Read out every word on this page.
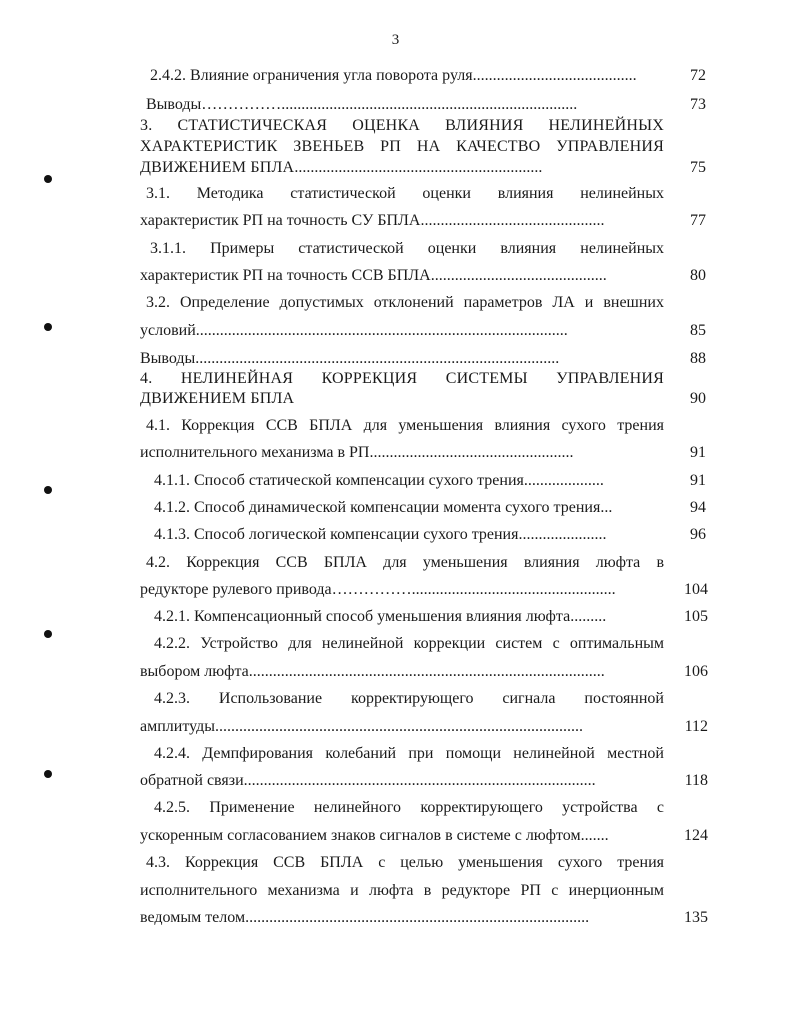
3
2.4.2. Влияние ограничения угла поворота руля.........................................	72
Выводы……………..........................................................................	73
3. СТАТИСТИЧЕСКАЯ ОЦЕНКА ВЛИЯНИЯ НЕЛИНЕЙНЫХ
ХАРАКТЕРИСТИК ЗВЕНЬЕВ РП НА КАЧЕСТВО УПРАВЛЕНИЯ
ДВИЖЕНИЕМ БПЛА..............................................................	75
3.1. Методика статистической оценки влияния нелинейных
характеристик РП на точность СУ БПЛА..............................................	77
3.1.1. Примеры статистической оценки влияния нелинейных
характеристик РП на точность ССВ БПЛА............................................	80
3.2. Определение допустимых отклонений параметров ЛА и внешних
условий.............................................................................................	85
Выводы...........................................................................................	88
4. НЕЛИНЕЙНАЯ КОРРЕКЦИЯ СИСТЕМЫ УПРАВЛЕНИЯ
ДВИЖЕНИЕМ БПЛА	90
4.1. Коррекция ССВ БПЛА для уменьшения влияния сухого трения
исполнительного механизма в РП...................................................	91
4.1.1. Способ статической компенсации сухого трения....................	91
4.1.2. Способ динамической компенсации момента сухого трения...	94
4.1.3. Способ логической компенсации сухого трения......................	96
4.2. Коррекция ССВ БПЛА для уменьшения влияния люфта в
редукторе рулевого привода……………...................................................	104
4.2.1. Компенсационный способ уменьшения влияния люфта.........	105
4.2.2. Устройство для нелинейной коррекции систем с оптимальным
выбором люфта.........................................................................................	106
4.2.3. Использование корректирующего сигнала постоянной
амплитуды............................................................................................	112
4.2.4. Демпфирования колебаний при помощи нелинейной местной
обратной связи........................................................................................	118
4.2.5. Применение нелинейного корректирующего устройства с
ускоренным согласованием знаков сигналов в системе с люфтом.......	124
4.3. Коррекция ССВ БПЛА с целью уменьшения сухого трения
исполнительного механизма и люфта в редукторе РП с инерционным
ведомым телом......................................................................................	135
